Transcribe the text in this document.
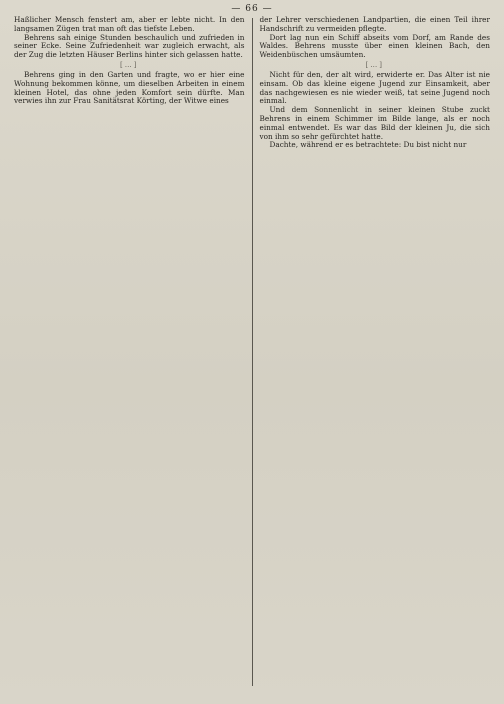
— 66 —

Haßlicher Mensch fenstert am, aber er lebte nicht. In den langsamen Zügen trat man oft das tiefste Leben.

Behrens sah einige Stunden beschaulich und zufrieden in seiner Ecke. Seine Zufriedenheit war zugleich erwacht, als der Zug die letzten Häuser Berlins hinter sich gelassen hatte.

[…]

Behrens ging in den Garten und fragte, wo er hier eine Wohnung bekommen könne, um dieselben Arbeiten in einem kleinen Hotel, das ohne jeden Komfort sein dürfte. Man verwies ihn zur Frau Sanitätsrat Körting, der Witwe eines

der Lehrer verschiedenen Landpartien, die einen Teil ihrer Handschrift zu vermeiden pflegte.

Dort lag nun ein Schiff abseits vom Dorf, am Rande des Waldes. Behrens musste über einen kleinen Bach, den Weidenbüschen umsäumten.

[…]

Nicht für den, der alt wird, erwiderte er. Das Alter ist nie einsam. Ob das kleine eigene Jugend zur Einsamkeit, aber das nachgewiesen es nie wieder weiß, tat seine Jugend noch einmal.

Und dem Sonnenlicht in seiner kleinen Stube zuckt Behrens in einem Schimmer im Bilde lange, als er noch einmal entwendet. Es war das Bild der kleinen Ju, die sich von ihm so sehr gefürchtet hatte.

Dachte, während er es betrachtete: Du bist nicht nur
